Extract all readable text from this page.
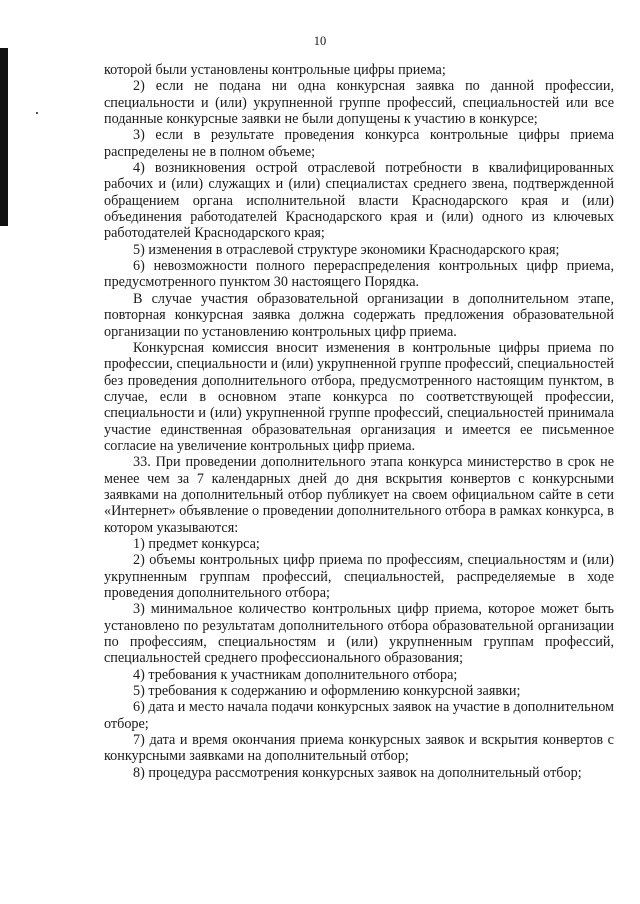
10

которой были установлены контрольные цифры приема;

2) если не подана ни одна конкурсная заявка по данной профессии, специальности и (или) укрупненной группе профессий, специальностей или все поданные конкурсные заявки не были допущены к участию в конкурсе;

3) если в результате проведения конкурса контрольные цифры приема распределены не в полном объеме;

4) возникновения острой отраслевой потребности в квалифицированных рабочих и (или) служащих и (или) специалистах среднего звена, подтвержденной обращением органа исполнительной власти Краснодарского края и (или) объединения работодателей Краснодарского края и (или) одного из ключевых работодателей Краснодарского края;

5) изменения в отраслевой структуре экономики Краснодарского края;

6) невозможности полного перераспределения контрольных цифр приема, предусмотренного пунктом 30 настоящего Порядка.

В случае участия образовательной организации в дополнительном этапе, повторная конкурсная заявка должна содержать предложения образовательной организации по установлению контрольных цифр приема.

Конкурсная комиссия вносит изменения в контрольные цифры приема по профессии, специальности и (или) укрупненной группе профессий, специальностей без проведения дополнительного отбора, предусмотренного настоящим пунктом, в случае, если в основном этапе конкурса по соответствующей профессии, специальности и (или) укрупненной группе профессий, специальностей принимала участие единственная образовательная организация и имеется ее письменное согласие на увеличение контрольных цифр приема.

33. При проведении дополнительного этапа конкурса министерство в срок не менее чем за 7 календарных дней до дня вскрытия конвертов с конкурсными заявками на дополнительный отбор публикует на своем официальном сайте в сети «Интернет» объявление о проведении дополнительного отбора в рамках конкурса, в котором указываются:

1) предмет конкурса;

2) объемы контрольных цифр приема по профессиям, специальностям и (или) укрупненным группам профессий, специальностей, распределяемые в ходе проведения дополнительного отбора;

3) минимальное количество контрольных цифр приема, которое может быть установлено по результатам дополнительного отбора образовательной организации по профессиям, специальностям и (или) укрупненным группам профессий, специальностей среднего профессионального образования;

4) требования к участникам дополнительного отбора;

5) требования к содержанию и оформлению конкурсной заявки;

6) дата и место начала подачи конкурсных заявок на участие в дополнительном отборе;

7) дата и время окончания приема конкурсных заявок и вскрытия конвертов с конкурсными заявками на дополнительный отбор;

8) процедура рассмотрения конкурсных заявок на дополнительный отбор;
